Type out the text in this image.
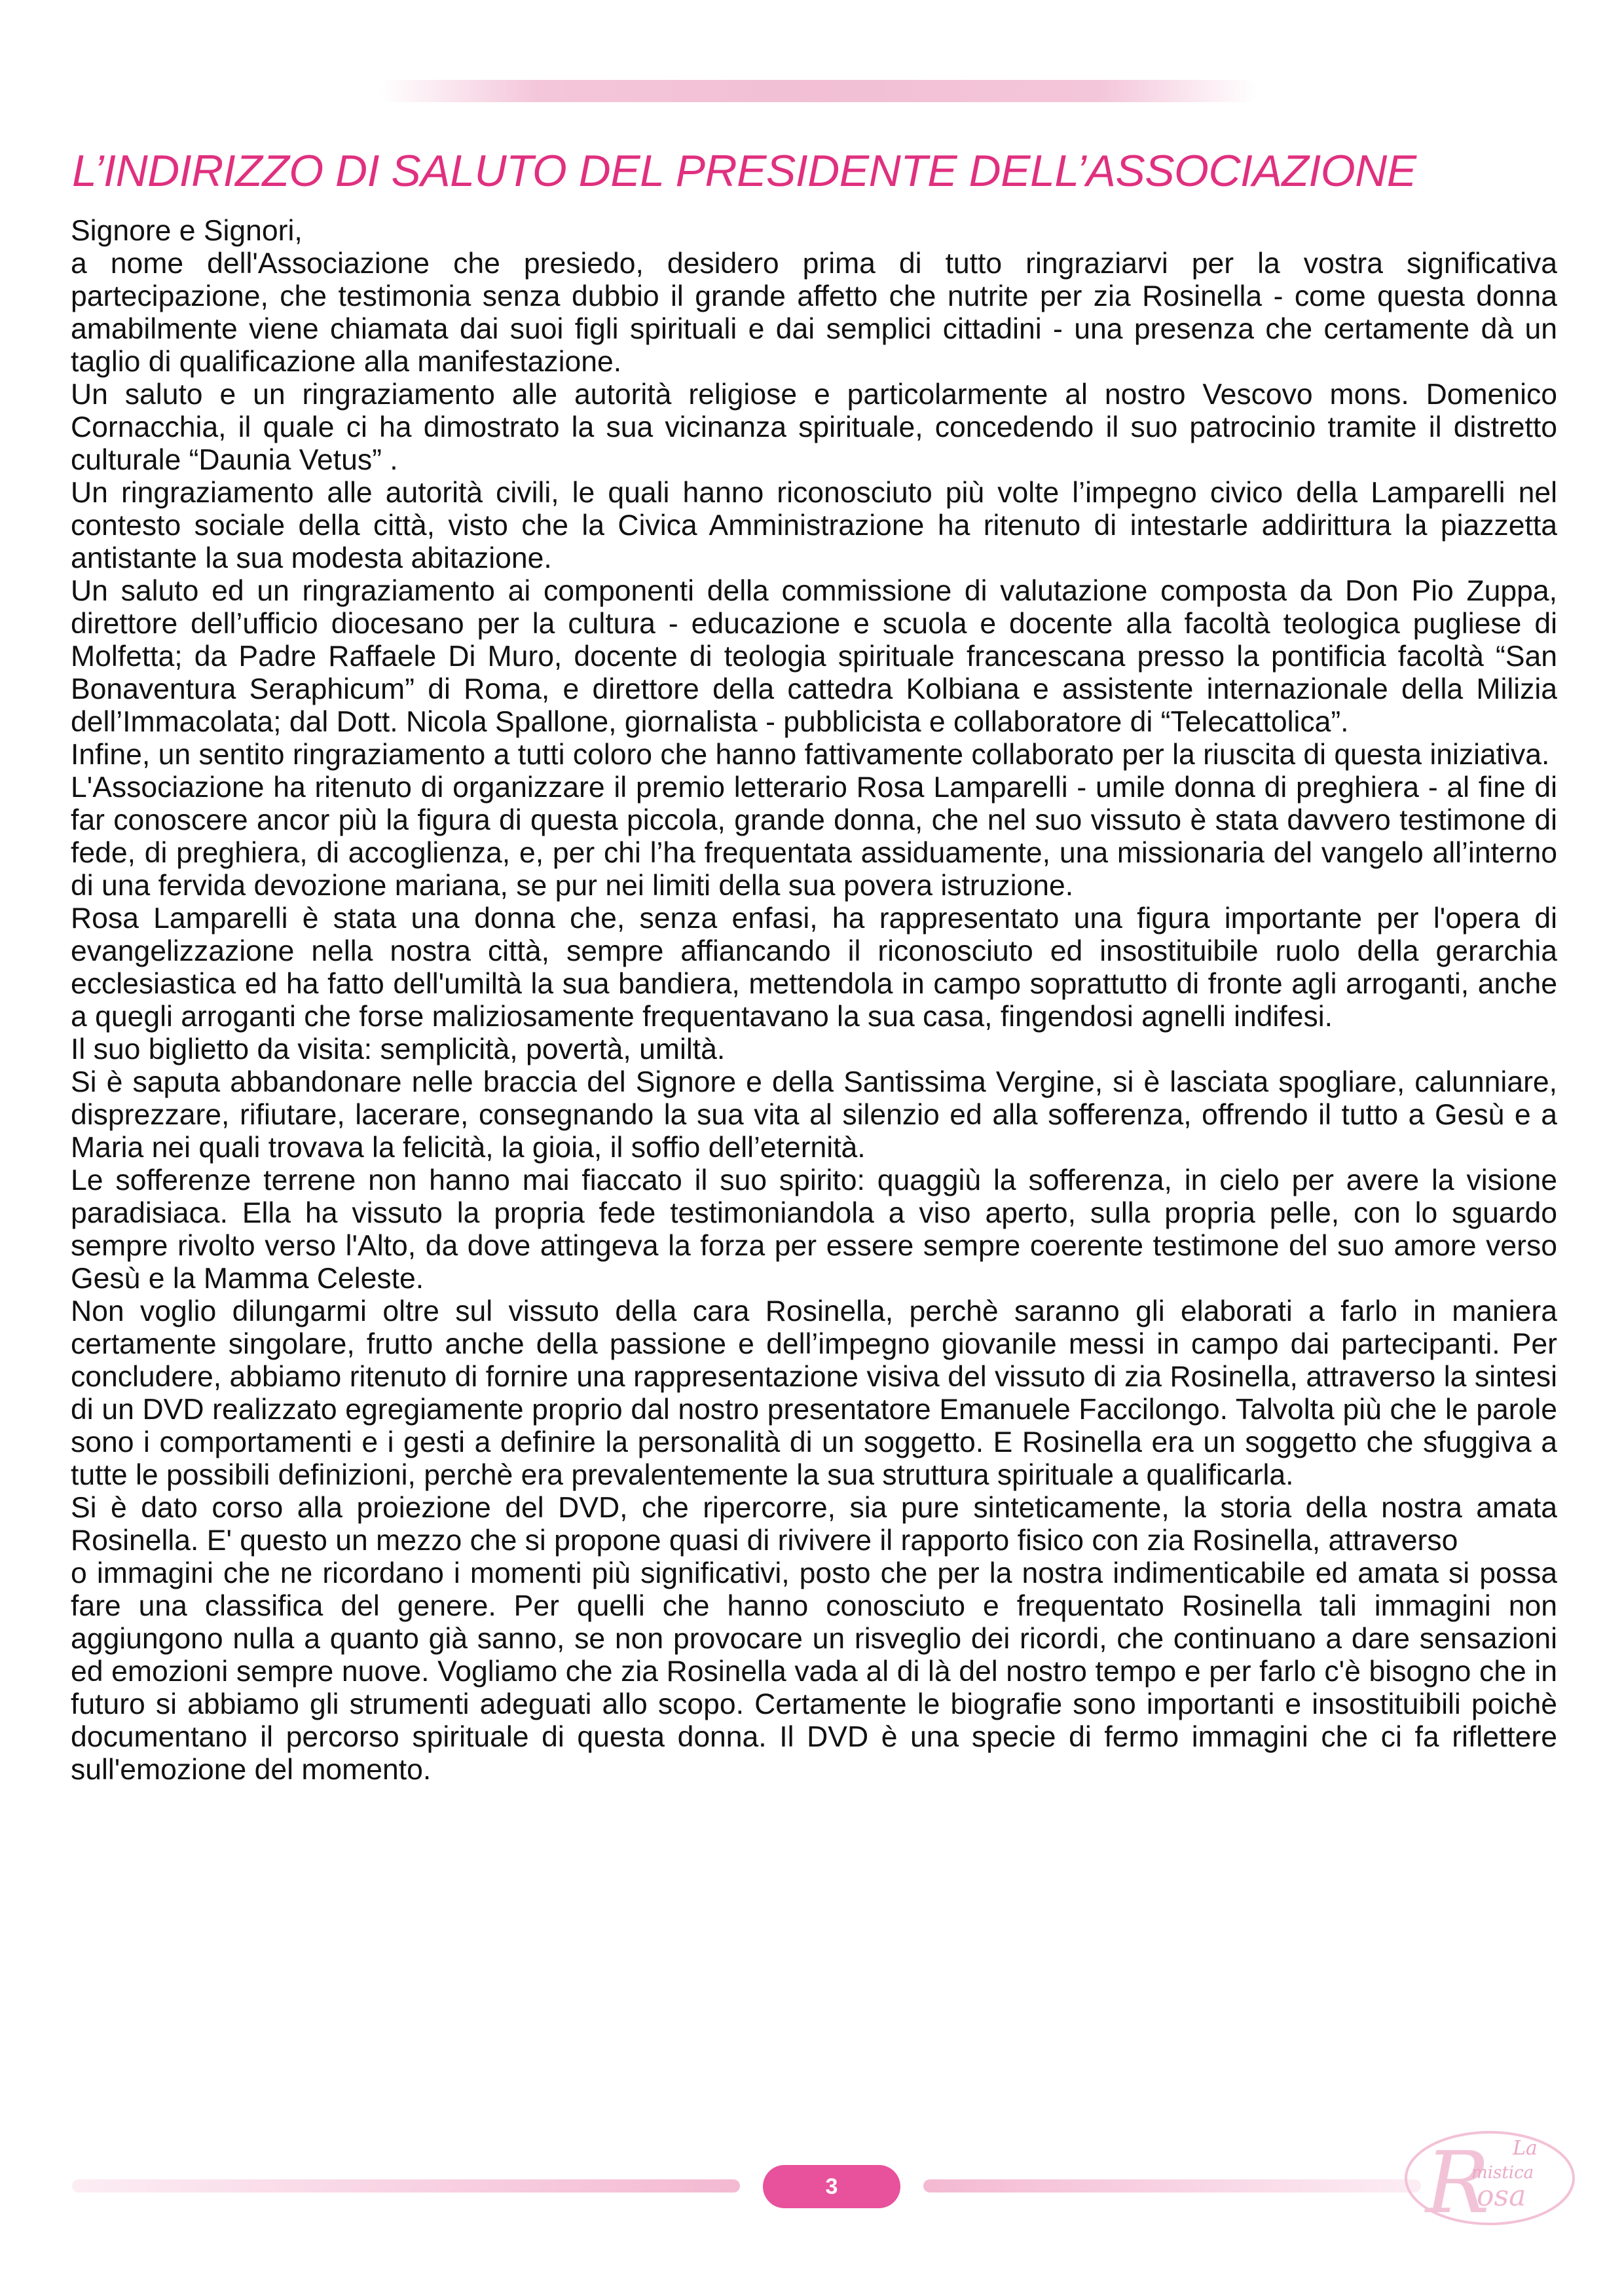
L’INDIRIZZO DI SALUTO DEL PRESIDENTE DELL’ASSOCIAZIONE

Signore e Signori,

a nome dell'Associazione che presiedo, desidero prima di tutto ringraziarvi per la vostra significativa partecipazione, che testimonia senza dubbio il grande affetto che nutrite per zia Rosinella - come questa donna amabilmente viene chiamata dai suoi figli spirituali e dai semplici cittadini - una presenza che certamente dà un taglio di qualificazione alla manifestazione.

Un saluto e un ringraziamento alle autorità religiose e particolarmente al nostro Vescovo mons. Domenico Cornacchia, il quale ci ha dimostrato la sua vicinanza spirituale, concedendo il suo patrocinio tramite il distretto culturale “Daunia Vetus” .

Un ringraziamento alle autorità civili, le quali hanno riconosciuto più volte l’impegno civico della Lamparelli nel contesto sociale della città, visto che la Civica Amministrazione ha ritenuto di intestarle addirittura la piazzetta antistante la sua modesta abitazione.

Un saluto ed un ringraziamento ai componenti della commissione di valutazione composta da Don Pio Zuppa, direttore dell’ufficio diocesano per la cultura - educazione e scuola e docente alla facoltà teologica pugliese di Molfetta; da Padre Raffaele Di Muro, docente di teologia spirituale francescana presso la pontificia facoltà “San Bonaventura Seraphicum” di Roma, e direttore della cattedra Kolbiana e assistente internazionale della Milizia dell’Immacolata; dal Dott. Nicola Spallone, giornalista - pubblicista e collaboratore di “Telecattolica”.

Infine, un sentito ringraziamento a tutti coloro che hanno fattivamente collaborato per la riuscita di questa iniziativa.

L'Associazione ha ritenuto di organizzare il premio letterario Rosa Lamparelli - umile donna di preghiera - al fine di far conoscere ancor più la figura di questa piccola, grande donna, che nel suo vissuto è stata davvero testimone di fede, di preghiera, di accoglienza, e, per chi l’ha frequentata assiduamente, una missionaria del vangelo all’interno di una fervida devozione mariana, se pur nei limiti della sua povera istruzione.

Rosa Lamparelli è stata una donna che, senza enfasi, ha rappresentato una figura importante per l'opera di evangelizzazione nella nostra città, sempre affiancando il riconosciuto ed insostituibile ruolo della gerarchia ecclesiastica ed ha fatto dell'umiltà la sua bandiera, mettendola in campo soprattutto di fronte agli arroganti, anche a quegli arroganti che forse maliziosamente frequentavano la sua casa, fingendosi agnelli indifesi.

Il suo biglietto da visita: semplicità, povertà, umiltà.

Si è saputa abbandonare nelle braccia del Signore e della Santissima Vergine, si è lasciata spogliare, calunniare, disprezzare, rifiutare, lacerare, consegnando la sua vita al silenzio ed alla sofferenza, offrendo il tutto a Gesù e a Maria nei quali trovava la felicità, la gioia, il soffio dell’eternità.

Le sofferenze terrene non hanno mai fiaccato il suo spirito: quaggiù la sofferenza, in cielo per avere la visione paradisiaca. Ella ha vissuto la propria fede testimoniandola a viso aperto, sulla propria pelle, con lo sguardo sempre rivolto verso l'Alto, da dove attingeva la forza per essere sempre coerente testimone del suo amore verso Gesù e la Mamma Celeste.

Non voglio dilungarmi oltre sul vissuto della cara Rosinella, perchè saranno gli elaborati a farlo in maniera certamente singolare, frutto anche della passione e dell’impegno giovanile messi in campo dai partecipanti. Per concludere, abbiamo ritenuto di fornire una rappresentazione visiva del vissuto di zia Rosinella, attraverso la sintesi di un DVD realizzato egregiamente proprio dal nostro presentatore Emanuele Faccilongo. Talvolta più che le parole sono i comportamenti e i gesti a definire la personalità di un soggetto. E Rosinella era un soggetto che sfuggiva a tutte le possibili definizioni, perchè era prevalentemente la sua struttura spirituale a qualificarla.

Si è dato corso alla proiezione del DVD, che ripercorre, sia pure sinteticamente, la storia della nostra amata Rosinella. E' questo un mezzo che si propone quasi di rivivere il rapporto fisico con zia Rosinella, attraverso

o immagini che ne ricordano i momenti più significativi, posto che per la nostra indimenticabile ed amata si possa fare una classifica del genere. Per quelli che hanno conosciuto e frequentato Rosinella tali immagini non aggiungono nulla a quanto già sanno, se non provocare un risveglio dei ricordi, che continuano a dare sensazioni ed emozioni sempre nuove. Vogliamo che zia Rosinella vada al di là del nostro tempo e per farlo c'è bisogno che in futuro si abbiamo gli strumenti adeguati allo scopo. Certamente le biografie sono importanti e insostituibili poichè documentano il percorso spirituale di questa donna. Il DVD è una specie di fermo immagini che ci fa riflettere sull'emozione del momento.

3	R La
mistica
osa
